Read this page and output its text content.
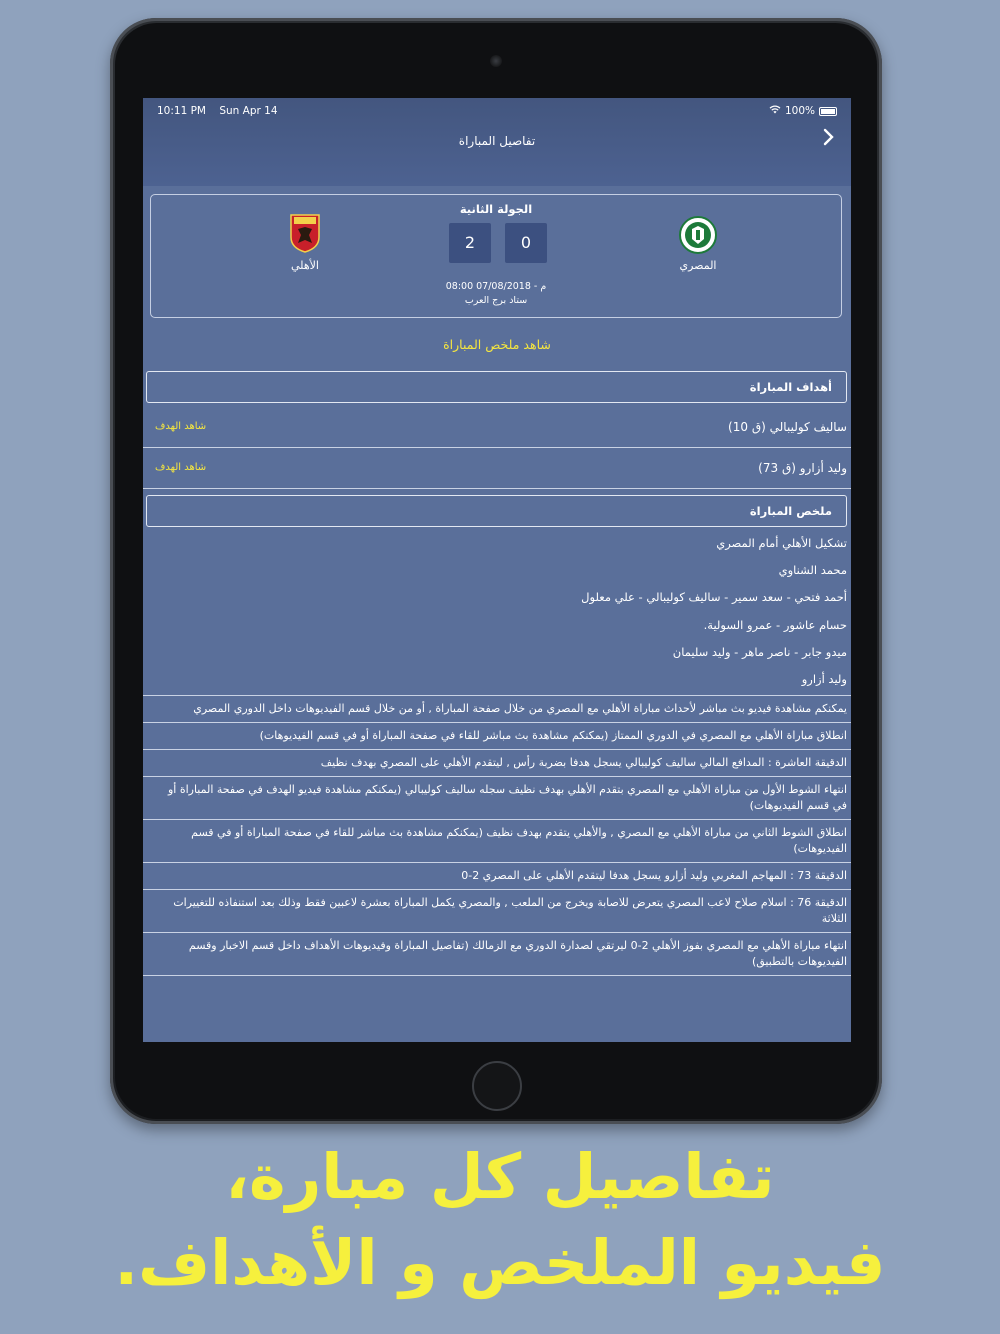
10:11 PM Sun Apr 14	100%
تفاصيل المباراة
الجولة الثانية
الأهلي
2	0
المصري
08:00 م - 07/08/2018
ستاد برج العرب
شاهد ملخص المباراة
أهداف المباراة
ساليف كوليبالي (ق 10)
شاهد الهدف
وليد أزارو (ق 73)
شاهد الهدف
ملخص المباراة
تشكيل الأهلي أمام المصري
محمد الشناوي
أحمد فتحي - سعد سمير - ساليف كوليبالي - علي معلول
حسام عاشور - عمرو السولية.
ميدو جابر - ناصر ماهر - وليد سليمان
وليد أزارو
يمكنكم مشاهدة فيديو بث مباشر لأحداث مباراة الأهلي مع المصري من خلال صفحة المباراة , أو من خلال قسم الفيديوهات داخل الدوري المصري
انطلاق مباراة الأهلي مع المصري في الدوري الممتاز (يمكنكم مشاهدة بث مباشر للقاء في صفحة المباراة أو في قسم الفيديوهات)
الدقيقة العاشرة : المدافع المالي ساليف كوليبالي يسجل هدفا بضربة رأس , ليتقدم الأهلي على المصري بهدف نظيف
انتهاء الشوط الأول من مباراة الأهلي مع المصري بتقدم الأهلي بهدف نظيف سجله ساليف كوليبالي (يمكنكم مشاهدة فيديو الهدف في صفحة المباراة أو في قسم الفيديوهات)
انطلاق الشوط الثاني من مباراة الأهلي مع المصري , والأهلي يتقدم بهدف نظيف (يمكنكم مشاهدة بث مباشر للقاء في صفحة المباراة أو في قسم الفيديوهات)
الدقيقة 73 : المهاجم المغربي وليد أزارو يسجل هدفا ليتقدم الأهلي على المصري 2-0
الدقيقة 76 : اسلام صلاح لاعب المصري يتعرض للاصابة ويخرج من الملعب , والمصري يكمل المباراة بعشرة لاعبين فقط وذلك بعد استنفاذه للتغييرات الثلاثة
انتهاء مباراة الأهلي مع المصري بفوز الأهلي 2-0 ليرتقي لصدارة الدوري مع الزمالك (تفاصيل المباراة وفيديوهات الأهداف داخل قسم الاخبار وقسم الفيديوهات بالتطبيق)
تفاصيل كل مبارة،
فيديو الملخص و الأهداف.
